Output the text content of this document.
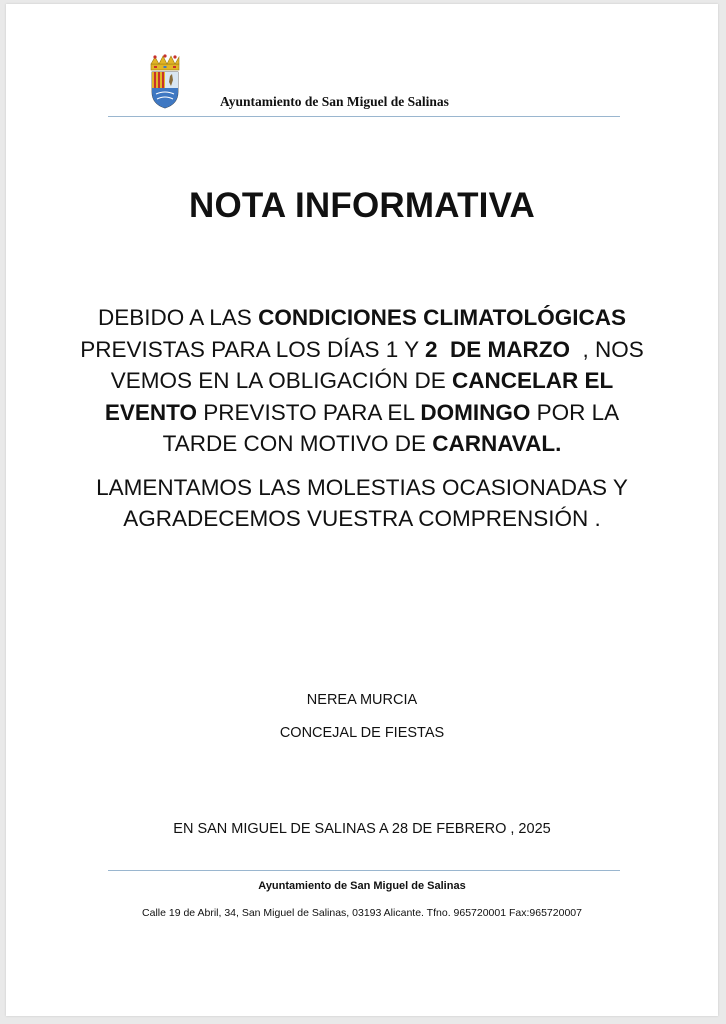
Ayuntamiento de San Miguel de Salinas
NOTA INFORMATIVA

DEBIDO A LAS CONDICIONES CLIMATOLÓGICAS PREVISTAS PARA LOS DÍAS 1 Y 2  DE MARZO  , NOS VEMOS EN LA OBLIGACIÓN DE CANCELAR EL EVENTO PREVISTO PARA EL DOMINGO POR LA TARDE CON MOTIVO DE CARNAVAL.

LAMENTAMOS LAS MOLESTIAS OCASIONADAS Y AGRADECEMOS VUESTRA COMPRENSIÓN .

NEREA MURCIA
CONCEJAL DE FIESTAS
EN SAN MIGUEL DE SALINAS A 28 DE FEBRERO , 2025
Ayuntamiento de San Miguel de Salinas
Calle 19 de Abril, 34, San Miguel de Salinas, 03193 Alicante. Tfno. 965720001 Fax:965720007
